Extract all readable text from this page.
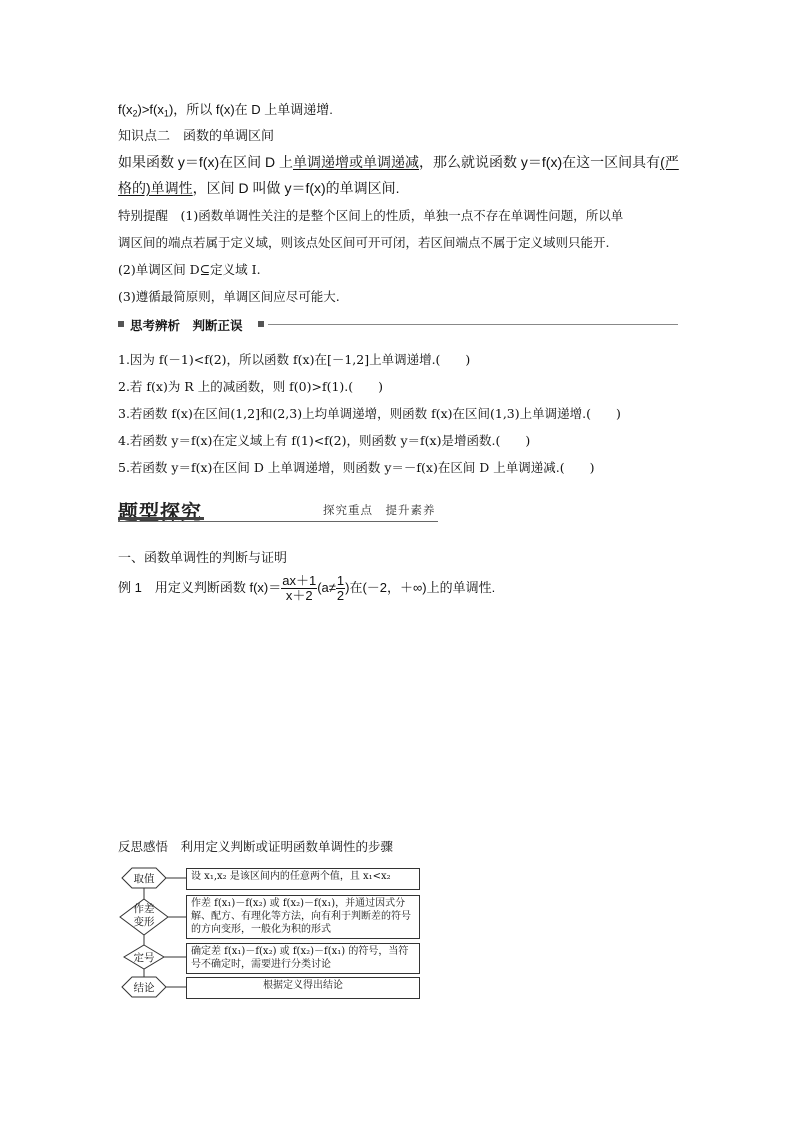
$f(x_2)>f(x_1)$，所以 f(x)在 D 上单调递增.
知识点二　函数的单调区间
如果函数 y＝f(x)在区间 D 上单调递增或单调递减，那么就说函数 y＝f(x)在这一区间具有(严
格的)单调性，区间 D 叫做 y＝f(x)的单调区间.
特别提醒　 (1)函数单调性关注的是整个区间上的性质，单独一点不存在单调性问题，所以单
调区间的端点若属于定义域，则该点处区间可开可闭，若区间端点不属于定义域则只能开.
(2)单调区间 D⊆定义域 I.
(3)遵循最简原则，单调区间应尽可能大.
思考辨析　判断正误
1.因为 f(－1)<f(2)，所以函数 f(x)在[－1,2]上单调递增.(　　)
2.若 f(x)为 R 上的减函数，则 f(0)>f(1).(　　)
3.若函数 f(x)在区间(1,2]和(2,3)上均单调递增，则函数 f(x)在区间(1,3)上单调递增.(　　)
4.若函数 y＝f(x)在定义域上有 f(1)<f(2)，则函数 y＝f(x)是增函数.(　　)
5.若函数 y＝f(x)在区间 D 上单调递增，则函数 y＝－f(x)在区间 D 上单调递减.(　　)
题型探究	探究重点　提升素养
一、函数单调性的判断与证明
例 1　用定义判断函数 $f(x)= \frac{ax+1}{x+2} (a\ne \frac{1}{2}$ )在(－2，＋∞)上的单调性.
反思感悟　 利用定义判断或证明函数单调性的步骤
取值
作差
变形
定号
结论
设 x₁,x₂ 是该区间内的任意两个值，且 x₁<x₂
作差 f(x₁)－f(x₂) 或 f(x₂)－f(x₁)，并通过因式分解、配方、有理化等方法，向有利于判断差的符号的方向变形，一般化为积的形式
确定差 f(x₁)－f(x₂) 或 f(x₂)－f(x₁) 的符号，当符号不确定时，需要进行分类讨论
根据定义得出结论
